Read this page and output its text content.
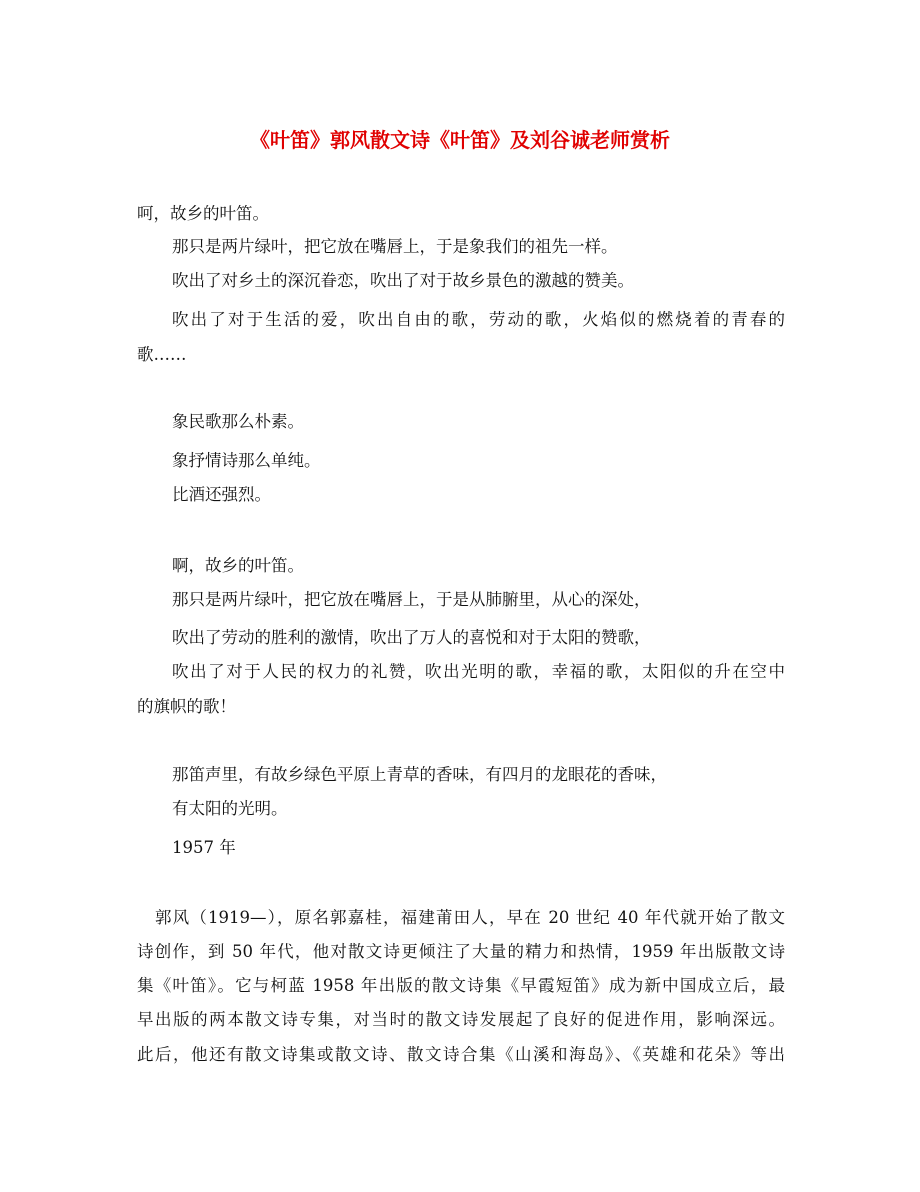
《叶笛》郭风散文诗《叶笛》及刘谷诚老师赏析
呵，故乡的叶笛。
那只是两片绿叶，把它放在嘴唇上，于是象我们的祖先一样。
吹出了对乡土的深沉眷恋，吹出了对于故乡景色的激越的赞美。
吹出了对于生活的爱，吹出自由的歌，劳动的歌，火焰似的燃烧着的青春的
歌……
象民歌那么朴素。
象抒情诗那么单纯。
比酒还强烈。
啊，故乡的叶笛。
那只是两片绿叶，把它放在嘴唇上，于是从肺腑里，从心的深处，
吹出了劳动的胜利的激情，吹出了万人的喜悦和对于太阳的赞歌，
吹出了对于人民的权力的礼赞，吹出光明的歌，幸福的歌，太阳似的升在空中
的旗帜的歌！
那笛声里，有故乡绿色平原上青草的香味，有四月的龙眼花的香味，
有太阳的光明。
1957 年
郭风（1919—），原名郭嘉桂，福建莆田人，早在 20 世纪 40 年代就开始了散文
诗创作，到 50 年代，他对散文诗更倾注了大量的精力和热情，1959 年出版散文诗
集《叶笛》。它与柯蓝 1958 年出版的散文诗集《早霞短笛》成为新中国成立后，最
早出版的两本散文诗专集，对当时的散文诗发展起了良好的促进作用，影响深远。
此后，他还有散文诗集或散文诗、散文诗合集《山溪和海岛》、《英雄和花朵》等出
